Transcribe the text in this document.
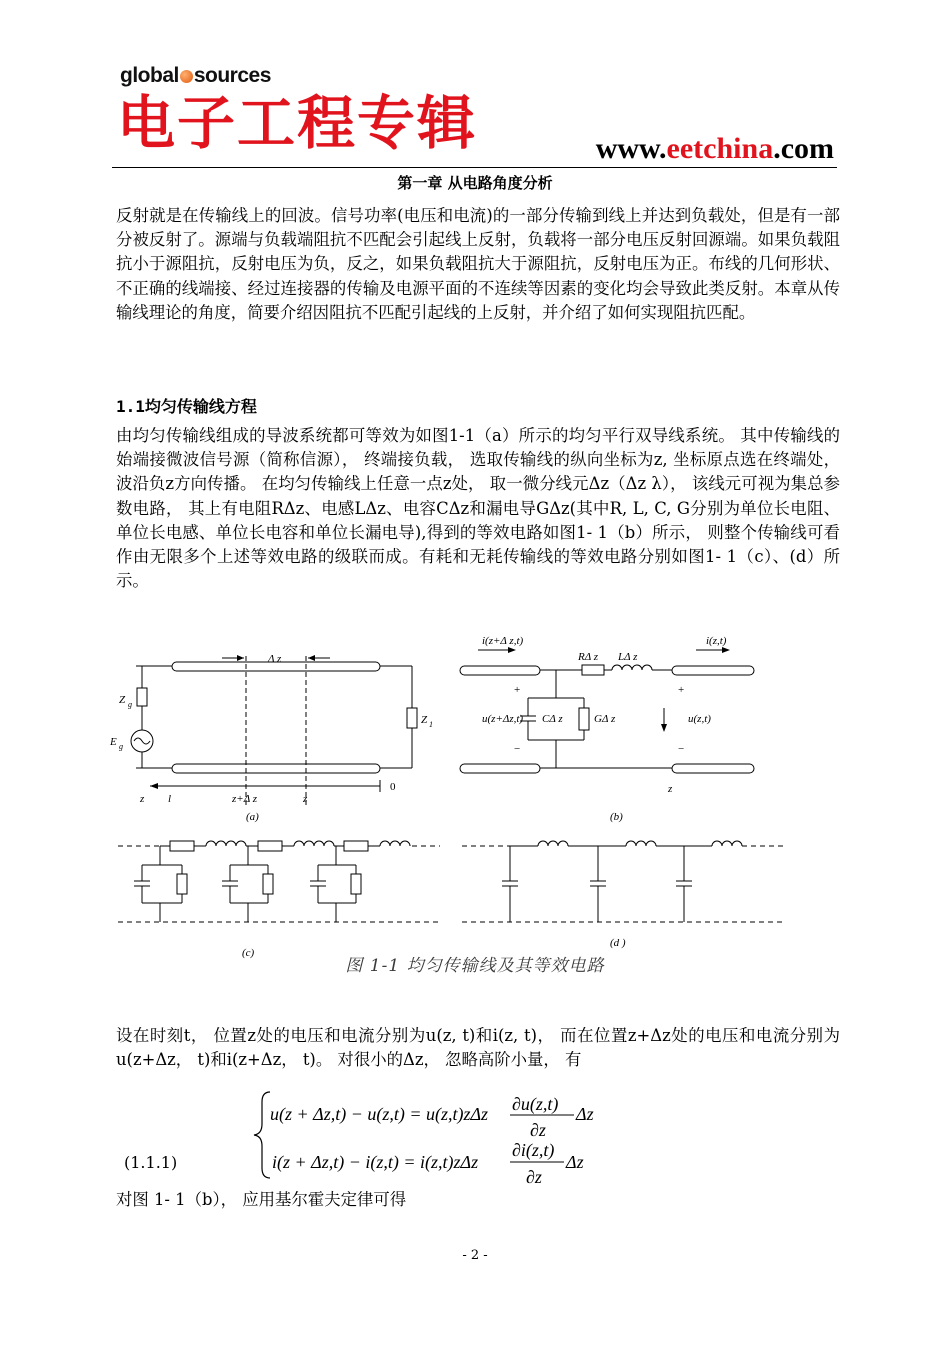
global sources
电子工程专辑	www.eetchina.com
第一章 从电路角度分析
反射就是在传输线上的回波。信号功率(电压和电流)的一部分传输到线上并达到负载处，但是有一部分被反射了。源端与负载端阻抗不匹配会引起线上反射，负载将一部分电压反射回源端。如果负载阻抗小于源阻抗，反射电压为负，反之，如果负载阻抗大于源阻抗，反射电压为正。布线的几何形状、不正确的线端接、经过连接器的传输及电源平面的不连续等因素的变化均会导致此类反射。本章从传输线理论的角度，简要介绍因阻抗不匹配引起线的上反射，并介绍了如何实现阻抗匹配。
1.1均匀传输线方程
由均匀传输线组成的导波系统都可等效为如图1-1（a）所示的均匀平行双导线系统。 其中传输线的始端接微波信号源（简称信源）， 终端接负载， 选取传输线的纵向坐标为z, 坐标原点选在终端处， 波沿负z方向传播。 在均匀传输线上任意一点z处， 取一微分线元Δz（Δz λ）， 该线元可视为集总参数电路， 其上有电阻RΔz、电感LΔz、电容CΔz和漏电导GΔz(其中R, L, C, G分别为单位长电阻、单位长电感、单位长电容和单位长漏电导),得到的等效电路如图1- 1（b）所示， 则整个传输线可看作由无限多个上述等效电路的级联而成。有耗和无耗传输线的等效电路分别如图1- 1（c）、(d）所示。
Δ z
Z g
E g
Z 1
z l	z+Δ z	z
0
(a)
i(z+Δ z,t)	i(z,t)
RΔ z LΔ z
u(z+Δz,t) CΔ z	GΔ z	u(z,t)
+
−
+
−
z
(b)
(c)
(d )
图 1-1 均匀传输线及其等效电路
设在时刻t， 位置z处的电压和电流分别为u(z, t)和i(z, t)， 而在位置z+Δz处的电压和电流分别为u(z+Δz， t)和i(z+Δz， t)。 对很小的Δz， 忽略高阶小量， 有
u(z + Δz,t) − u(z,t) = u(z,t)zΔz ∂u(z,t)
∂z
Δz
i(z + Δz,t) − i(z,t) = i(z,t)zΔz
∂i(z,t)
∂z
Δz
(1.1.1)
对图 1- 1（b）， 应用基尔霍夫定律可得
- 2 -
